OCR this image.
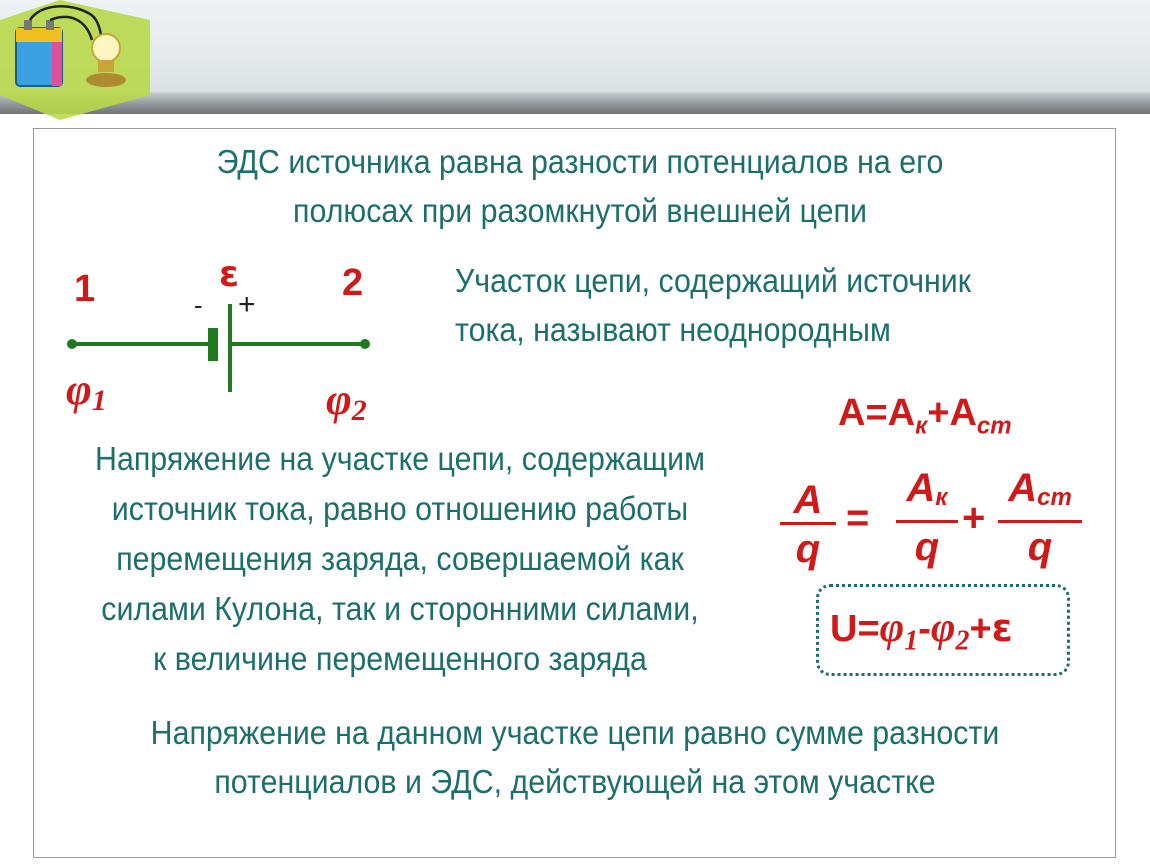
ЭДС источника равна разности потенциалов на его
полюсах при разомкнутой внешней цепи
1	2
ε
- +
$\varphi_1$	$\varphi_2$
Участок цепи, содержащий источник
тока, называют неоднородным
$A=A_к+A_{ст}$
$\frac{A}{q}$ =
$A_к$
q
+
$A_{ст}$
q
Напряжение на участке цепи, содержащим
источник тока, равно отношению работы
перемещения заряда, совершаемой как
силами Кулона, так и сторонними силами,
к величине перемещенного заряда
$U=\varphi_1-\varphi_2+\varepsilon$
Напряжение на данном участке цепи равно сумме разности
потенциалов и ЭДС, действующей на этом участке
